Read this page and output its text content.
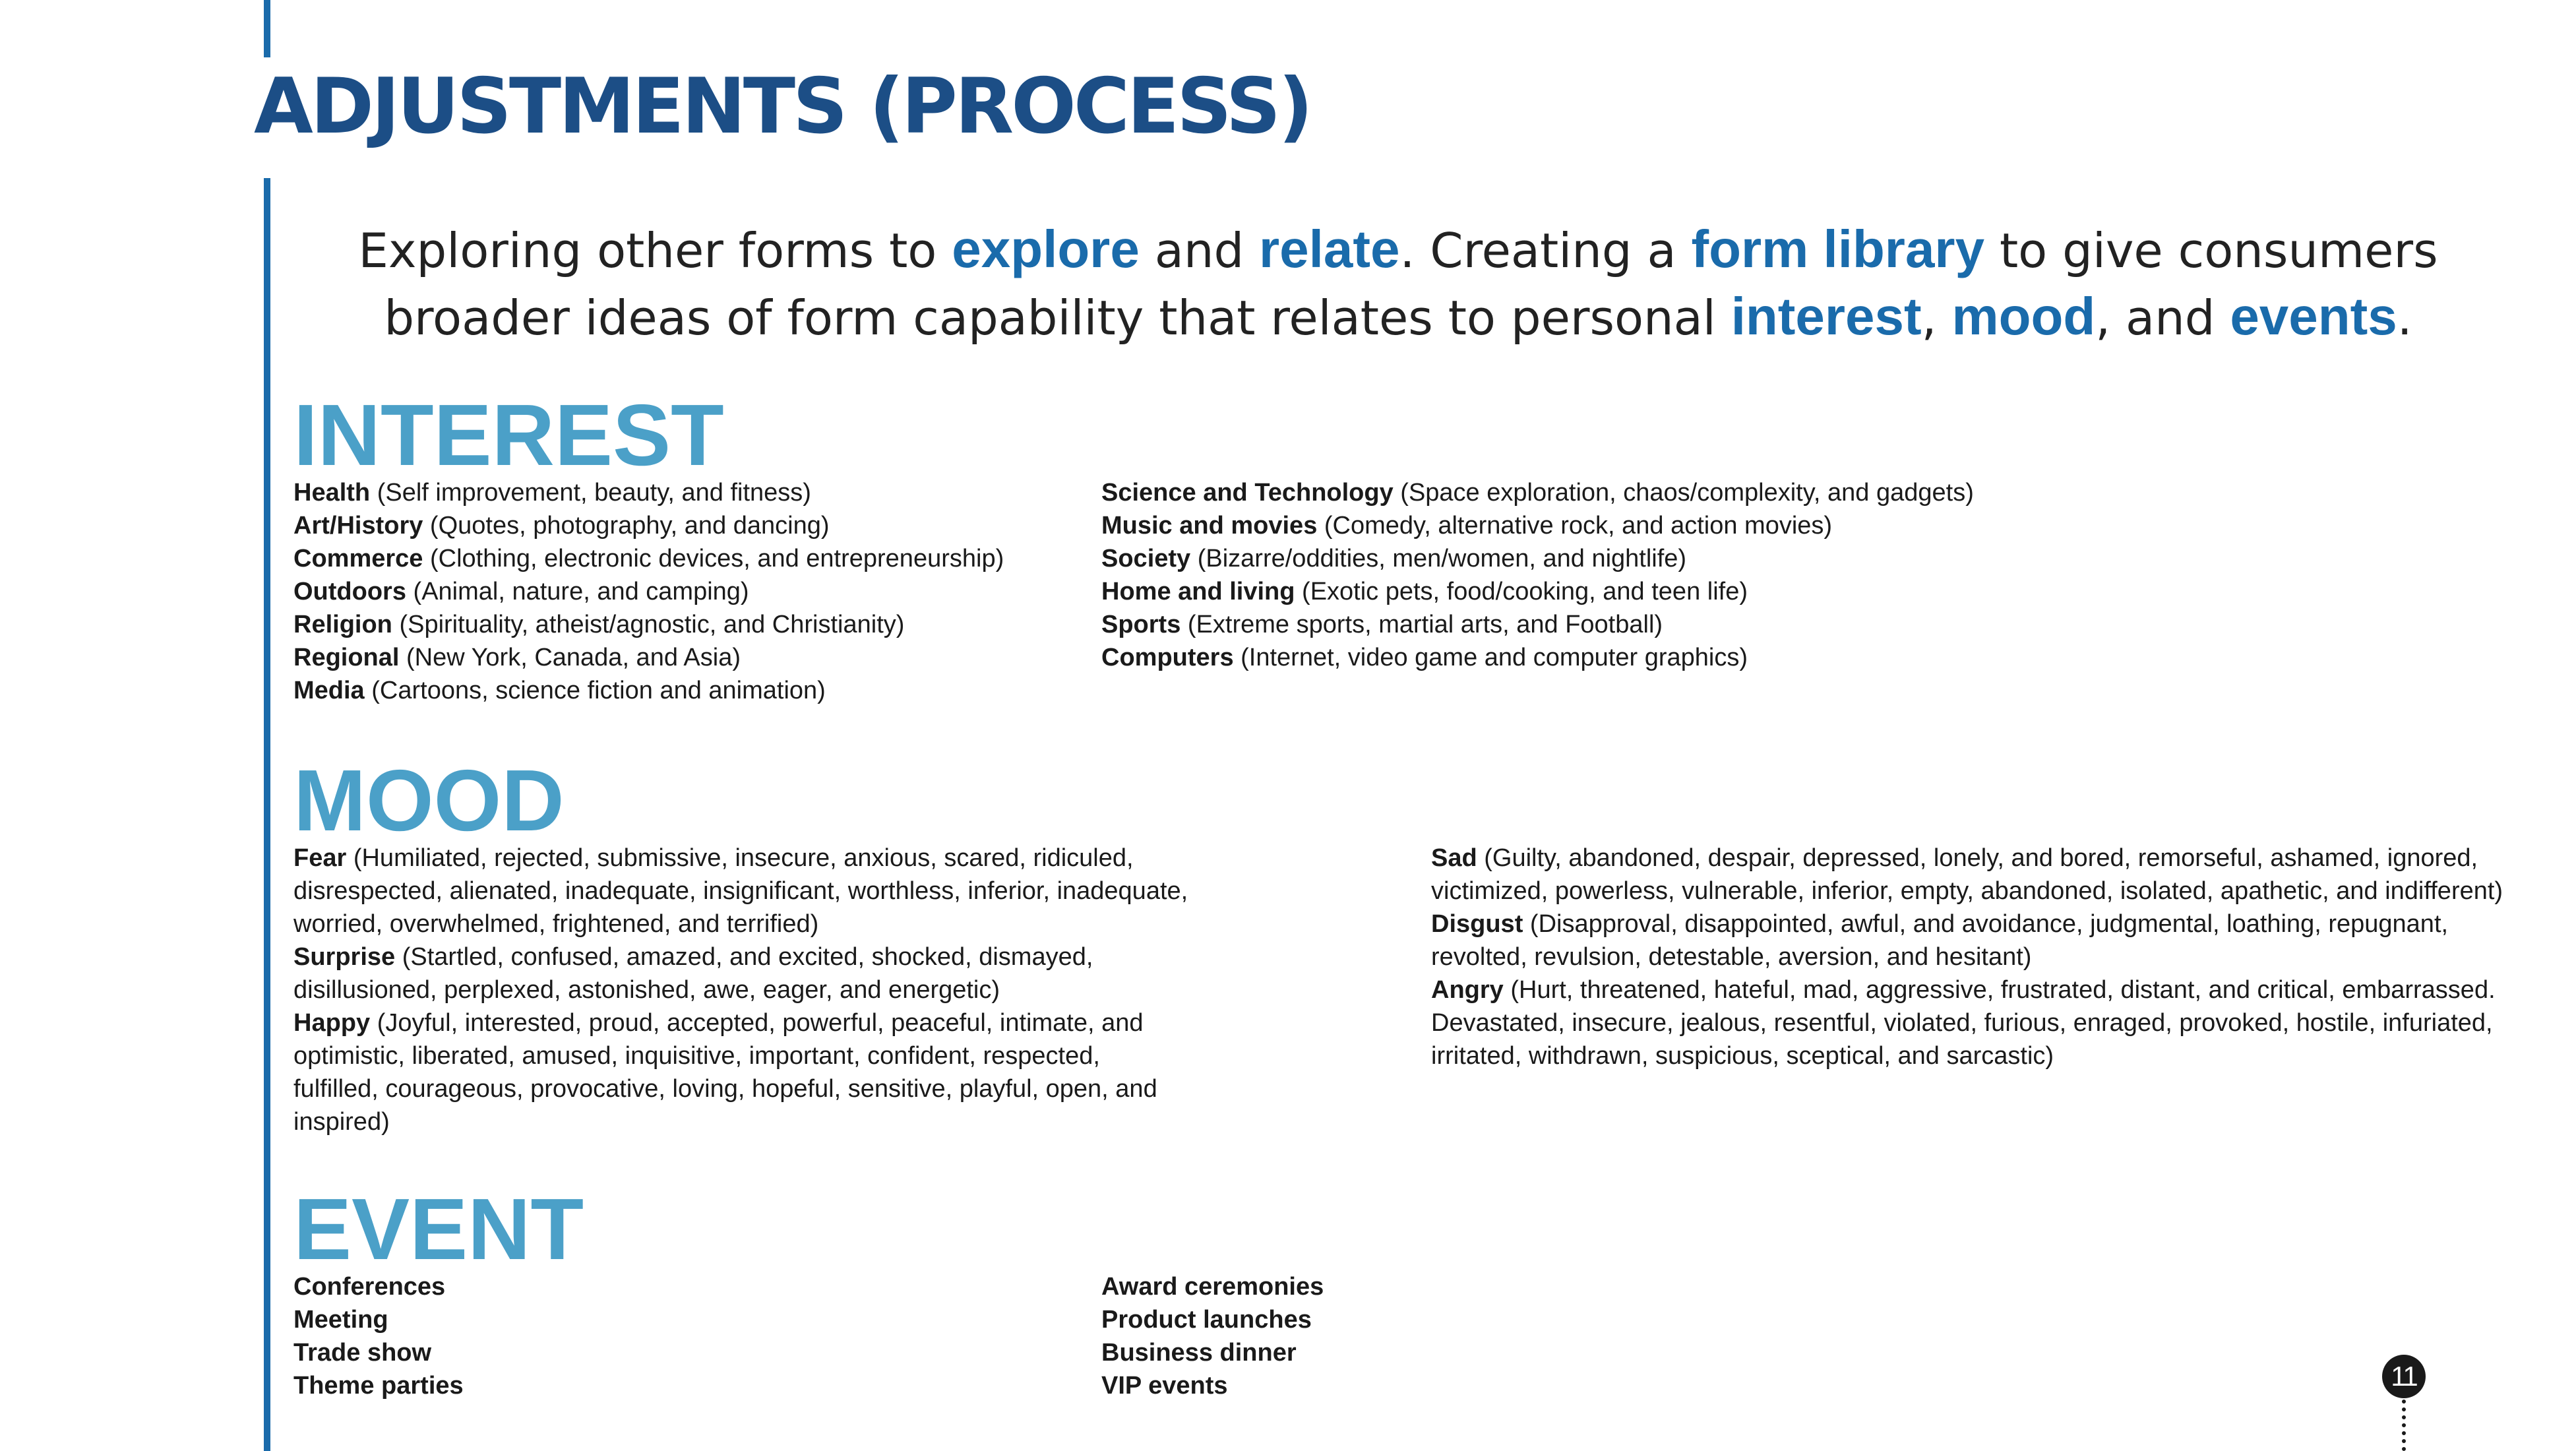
ADJUSTMENTS (PROCESS)

Exploring other forms to explore and relate. Creating a form library to give consumers broader ideas of form capability that relates to personal interest, mood, and events.

INTEREST

Health (Self improvement, beauty, and fitness)

Art/History (Quotes, photography, and dancing)

Commerce (Clothing, electronic devices, and entrepreneurship)

Outdoors (Animal, nature, and camping)

Religion (Spirituality, atheist/agnostic, and Christianity)

Regional (New York, Canada, and Asia)

Media (Cartoons, science fiction and animation)

Science and Technology (Space exploration, chaos/complexity, and gadgets)

Music and movies (Comedy, alternative rock, and action movies)

Society (Bizarre/oddities, men/women, and nightlife)

Home and living (Exotic pets, food/cooking, and teen life)

Sports (Extreme sports, martial arts, and Football)

Computers (Internet, video game and computer graphics)

MOOD

Fear (Humiliated, rejected, submissive, insecure, anxious, scared, ridiculed, disrespected, alienated, inadequate, insignificant, worthless, inferior, inadequate, worried, overwhelmed, frightened, and terrified)

Surprise (Startled, confused, amazed, and excited, shocked, dismayed, disillusioned, perplexed, astonished, awe, eager, and energetic)

Happy (Joyful, interested, proud, accepted, powerful, peaceful, intimate, and optimistic, liberated, amused, inquisitive, important, confident, respected, fulfilled, courageous, provocative, loving, hopeful, sensitive, playful, open, and inspired)

Sad (Guilty, abandoned, despair, depressed, lonely, and bored, remorseful, ashamed, ignored, victimized, powerless, vulnerable, inferior, empty, abandoned, isolated, apathetic, and indifferent)

Disgust (Disapproval, disappointed, awful, and avoidance, judgmental, loathing, repugnant, revolted, revulsion, detestable, aversion, and hesitant)

Angry (Hurt, threatened, hateful, mad, aggressive, frustrated, distant, and critical, embarrassed. Devastated, insecure, jealous, resentful, violated, furious, enraged, provoked, hostile, infuriated, irritated, withdrawn, suspicious, sceptical, and sarcastic)

EVENT

Conferences

Meeting

Trade show

Theme parties

Award ceremonies

Product launches

Business dinner

VIP events	11
